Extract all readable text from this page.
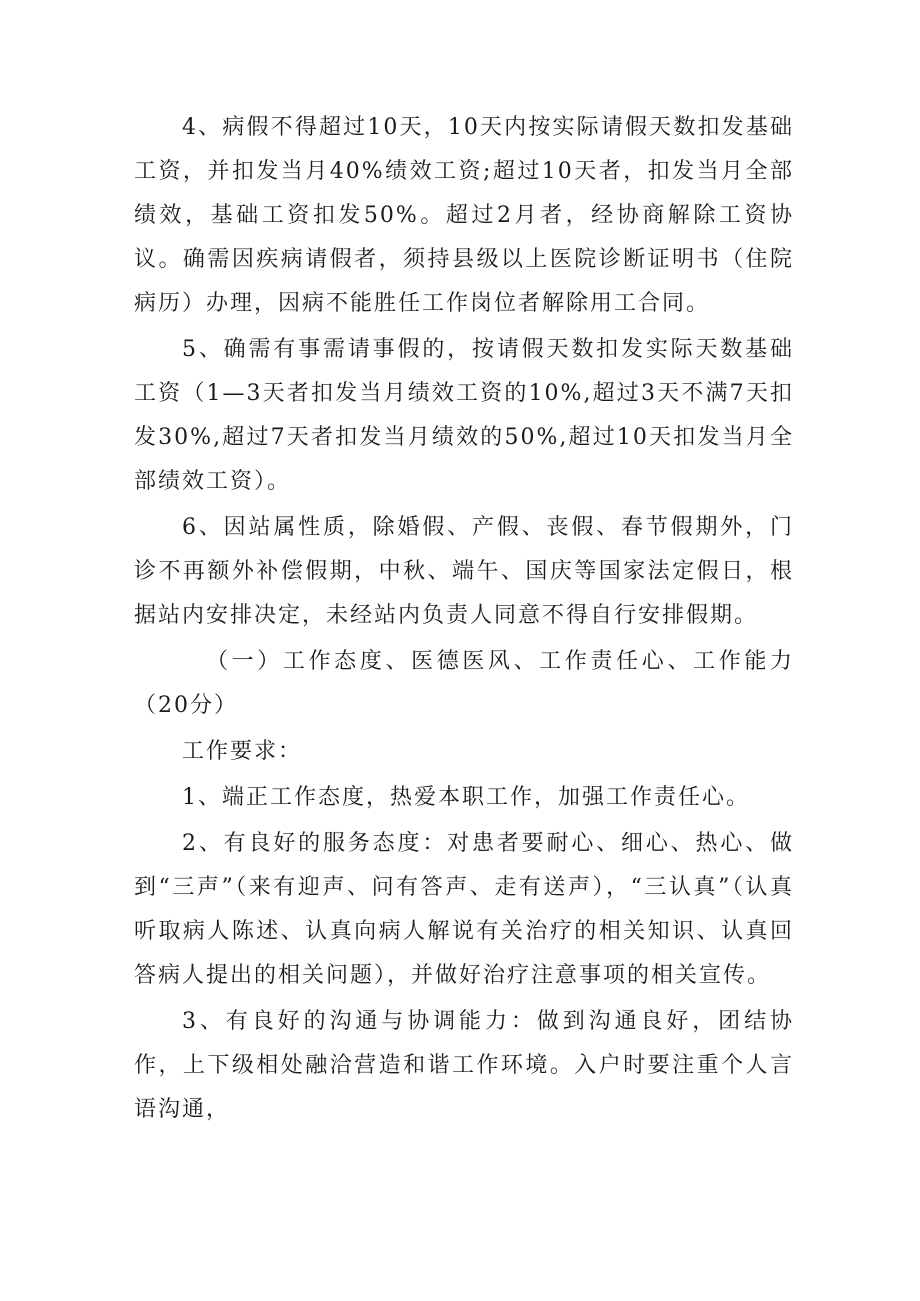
4、病假不得超过10天，10天内按实际请假天数扣发基础工资，并扣发当月40%绩效工资;超过10天者，扣发当月全部绩效，基础工资扣发50%。超过2月者，经协商解除工资协议。确需因疾病请假者，须持县级以上医院诊断证明书（住院病历）办理，因病不能胜任工作岗位者解除用工合同。

5、确需有事需请事假的，按请假天数扣发实际天数基础工资（1—3天者扣发当月绩效工资的10%,超过3天不满7天扣发30%,超过7天者扣发当月绩效的50%,超过10天扣发当月全部绩效工资）。

6、因站属性质，除婚假、产假、丧假、春节假期外，门诊不再额外补偿假期，中秋、端午、国庆等国家法定假日，根据站内安排决定，未经站内负责人同意不得自行安排假期。

（一）工作态度、医德医风、工作责任心、工作能力（20分）

工作要求：

1、端正工作态度，热爱本职工作，加强工作责任心。

2、有良好的服务态度：对患者要耐心、细心、热心、做到“三声”（来有迎声、问有答声、走有送声），“三认真”（认真听取病人陈述、认真向病人解说有关治疗的相关知识、认真回答病人提出的相关问题），并做好治疗注意事项的相关宣传。

3、有良好的沟通与协调能力：做到沟通良好，团结协作，上下级相处融洽营造和谐工作环境。入户时要注重个人言语沟通，
